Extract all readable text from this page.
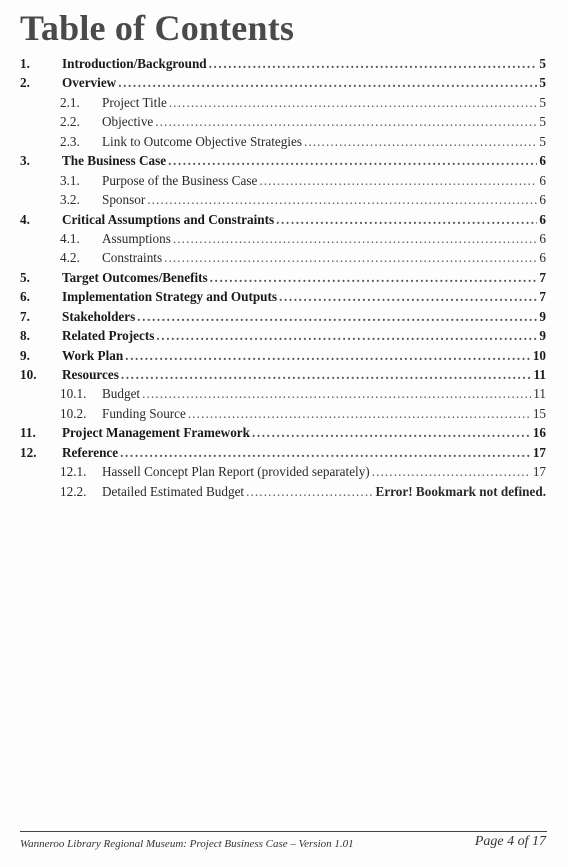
Table of Contents
1.	Introduction/Background .....	5
2.	Overview .....	5
2.1.	Project Title .....	5
2.2.	Objective .....	5
2.3.	Link to Outcome Objective Strategies .....	5
3.	The Business Case .....	6
3.1.	Purpose of the Business Case .....	6
3.2.	Sponsor .....	6
4.	Critical Assumptions and Constraints .....	6
4.1.	Assumptions .....	6
4.2.	Constraints .....	6
5.	Target Outcomes/Benefits .....	7
6.	Implementation Strategy and Outputs .....	7
7.	Stakeholders .....	9
8.	Related Projects .....	9
9.	Work Plan .....	10
10.	Resources .....	11
10.1.	Budget .....	11
10.2.	Funding Source .....	15
11.	Project Management Framework .....	16
12.	Reference .....	17
12.1.	Hassell Concept Plan Report (provided separately) .....	17
12.2.	Detailed Estimated Budget .....	Error! Bookmark not defined.
Wanneroo Library Regional Museum: Project Business Case – Version 1.01	Page 4 of 17
